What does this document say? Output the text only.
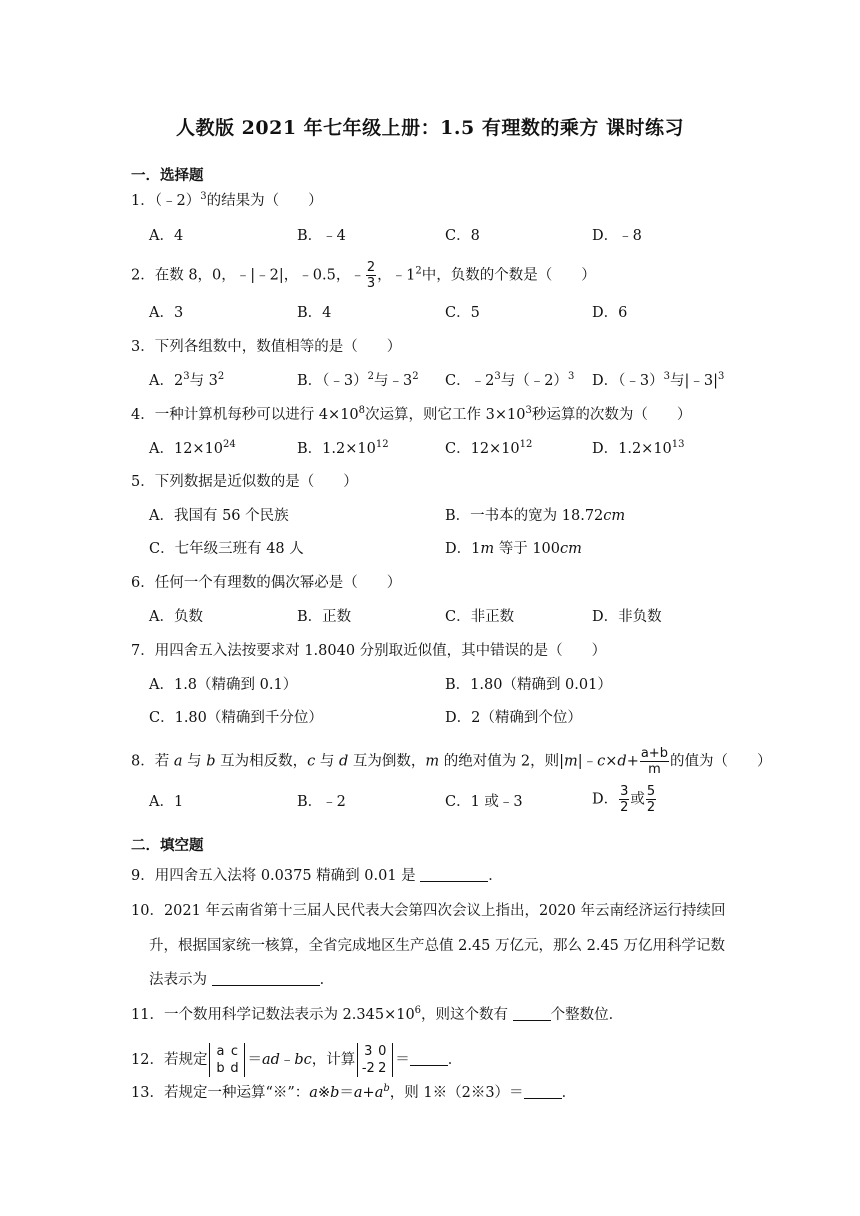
人教版 2021 年七年级上册：1.5 有理数的乘方 课时练习
一．选择题
1．（﹣2）$^3$的结果为（　　）
A．4	B．﹣4	C．8	D．﹣8
2．在数 8，0，﹣|﹣2|，﹣0.5，﹣ $\frac{2}{3}$ ，$﹣1^2$中，负数的个数是（　　）
A．3	B．4	C．5	D．6
3．下列各组数中，数值相等的是（　　）
A．$2^3$与 $3^2$	B．（﹣3）$^2$与$﹣3^2$ C．$﹣2^3$与（﹣2）$^3$ D．（﹣3）$^3$与$|﹣3|^3$
4．一种计算机每秒可以进行 $4\times 10^8$次运算，则它工作 $3\times 10^3$秒运算的次数为（　　）
A．$12\times 10^{24}$	B．$1.2\times 10^{12}$	C．$12\times 10^{12}$	D．$1.2\times 10^{13}$
5．下列数据是近似数的是（　　）
A．我国有 56 个民族	B．一书本的宽为 18.72cm
C．七年级三班有 48 人	D．1m 等于 100cm
6．任何一个有理数的偶次幂必是（　　）
A．负数	B．正数	C．非正数	D．非负数
7．用四舍五入法按要求对 1.8040 分别取近似值，其中错误的是（　　）
A．1.8（精确到 0.1）	B．1.80（精确到 0.01）
C．1.80（精确到千分位）	D．2（精确到个位）
8．若 a 与 b 互为相反数，c 与 d 互为倒数，m 的绝对值为 2，则|m|﹣c×d+ $\frac{a+b}{m}$ 的值为（　　）
A．1	B．﹣2	C．1 或﹣3	D． $\frac{3}{2}$ 或 $\frac{5}{2}$
二．填空题
9．用四舍五入法将 0.0375 精确到 0.01 是	．
10．2021 年云南省第十三届人民代表大会第四次会议上指出，2020 年云南经济运行持续回
升，根据国家统一核算，全省完成地区生产总值 2.45 万亿元，那么 2.45 万亿用科学记数
法表示为	．
11．一个数用科学记数法表示为 $2.345\times 10^6$，则这个数有	个整数位．
12．若规定a c
b d＝ad﹣bc，计算3 0
-2 2＝	．
13．若规定一种运算“※”：$a※b=a+a^b$，则 1※（2※3）＝	．
